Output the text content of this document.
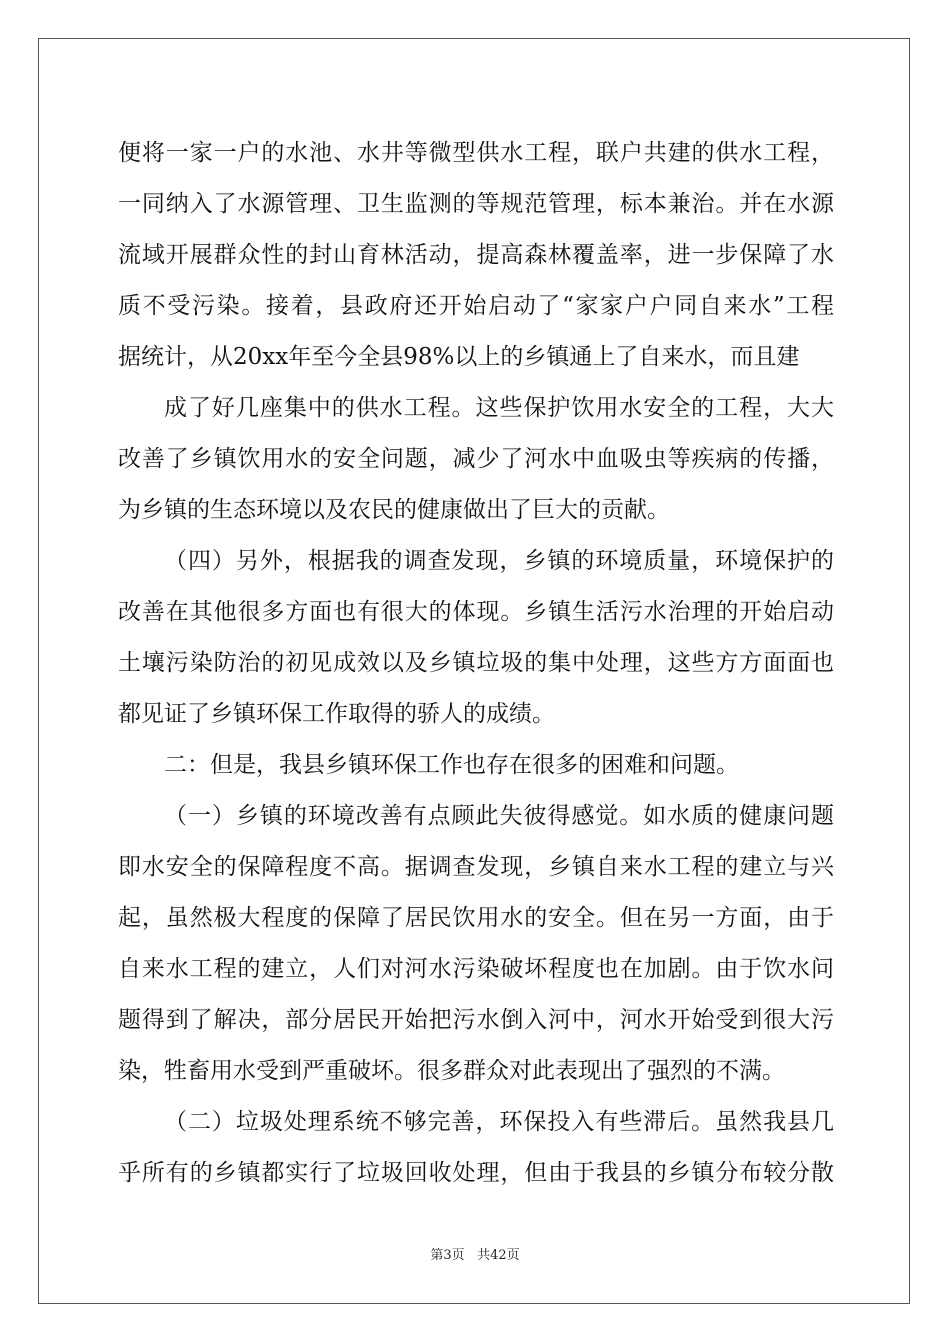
便将一家一户的水池、水井等微型供水工程，联户共建的供水工程，
一同纳入了水源管理、卫生监测的等规范管理，标本兼治。并在水源
流域开展群众性的封山育林活动，提高森林覆盖率，进一步保障了水
质不受污染。接着，县政府还开始启动了“家家户户同自来水”工程
据统计，从20xx年至今全县98%以上的乡镇通上了自来水，而且建
成了好几座集中的供水工程。这些保护饮用水安全的工程，大大
改善了乡镇饮用水的安全问题，减少了河水中血吸虫等疾病的传播，
为乡镇的生态环境以及农民的健康做出了巨大的贡献。
（四）另外，根据我的调查发现，乡镇的环境质量，环境保护的
改善在其他很多方面也有很大的体现。乡镇生活污水治理的开始启动
土壤污染防治的初见成效以及乡镇垃圾的集中处理，这些方方面面也
都见证了乡镇环保工作取得的骄人的成绩。
二：但是，我县乡镇环保工作也存在很多的困难和问题。
（一）乡镇的环境改善有点顾此失彼得感觉。如水质的健康问题
即水安全的保障程度不高。据调查发现，乡镇自来水工程的建立与兴
起，虽然极大程度的保障了居民饮用水的安全。但在另一方面，由于
自来水工程的建立，人们对河水污染破坏程度也在加剧。由于饮水问
题得到了解决，部分居民开始把污水倒入河中，河水开始受到很大污
染，牲畜用水受到严重破坏。很多群众对此表现出了强烈的不满。
（二）垃圾处理系统不够完善，环保投入有些滞后。虽然我县几
乎所有的乡镇都实行了垃圾回收处理，但由于我县的乡镇分布较分散
第3页 共42页
